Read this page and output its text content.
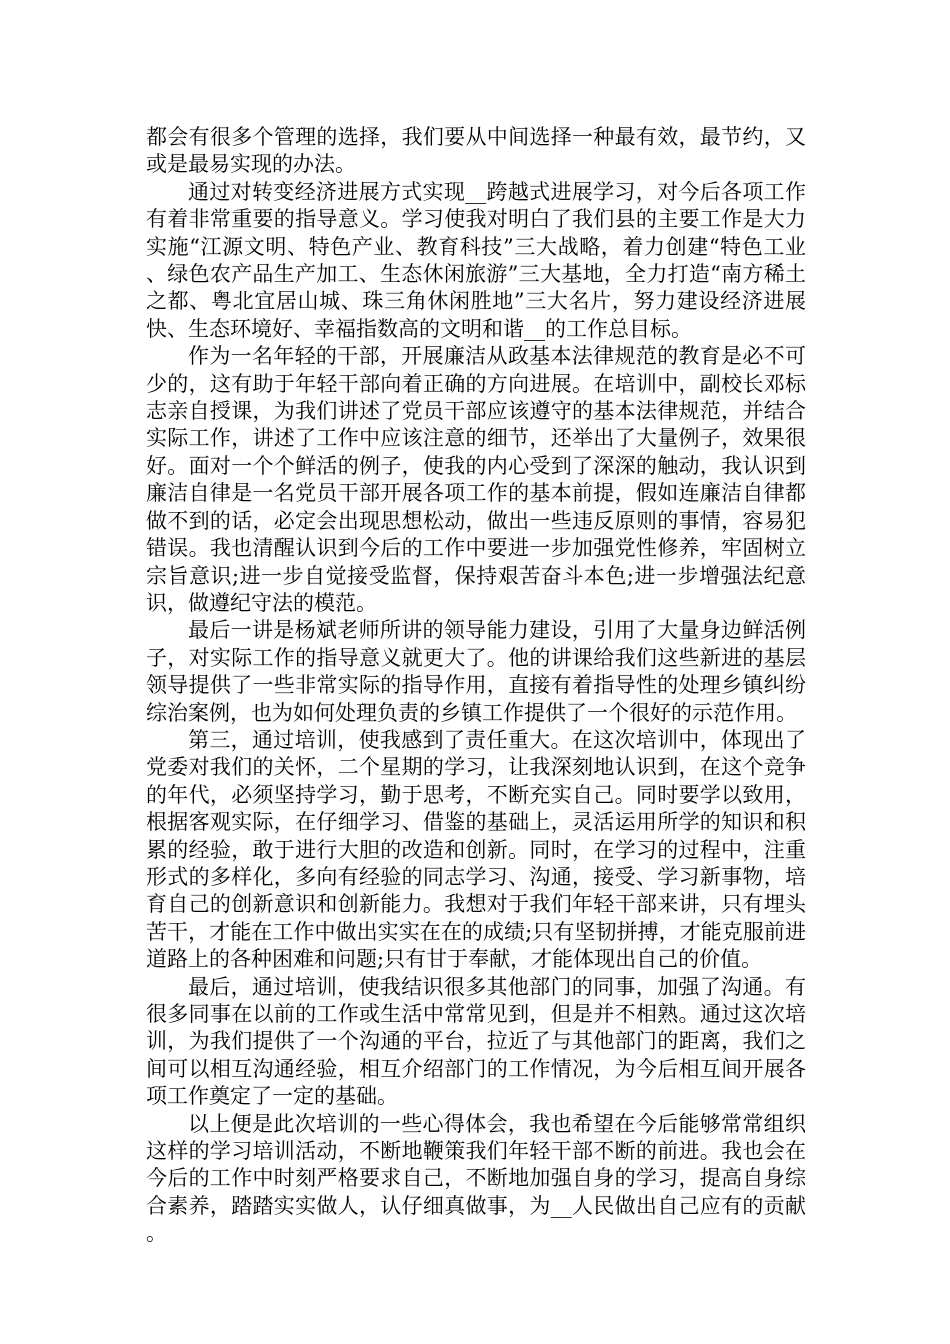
都会有很多个管理的选择，我们要从中间选择一种最有效，最节约，又或是最易实现的办法。

通过对转变经济进展方式实现__跨越式进展学习，对今后各项工作有着非常重要的指导意义。学习使我对明白了我们县的主要工作是大力实施“江源文明、特色产业、教育科技”三大战略，着力创建“特色工业、绿色农产品生产加工、生态休闲旅游”三大基地，全力打造“南方稀土之都、粤北宜居山城、珠三角休闲胜地”三大名片，努力建设经济进展快、生态环境好、幸福指数高的文明和谐__的工作总目标。

作为一名年轻的干部，开展廉洁从政基本法律规范的教育是必不可少的，这有助于年轻干部向着正确的方向进展。在培训中，副校长邓标志亲自授课，为我们讲述了党员干部应该遵守的基本法律规范，并结合实际工作，讲述了工作中应该注意的细节，还举出了大量例子，效果很好。面对一个个鲜活的例子，使我的内心受到了深深的触动，我认识到廉洁自律是一名党员干部开展各项工作的基本前提，假如连廉洁自律都做不到的话，必定会出现思想松动，做出一些违反原则的事情，容易犯错误。我也清醒认识到今后的工作中要进一步加强党性修养，牢固树立宗旨意识;进一步自觉接受监督，保持艰苦奋斗本色;进一步增强法纪意识，做遵纪守法的模范。

最后一讲是杨斌老师所讲的领导能力建设，引用了大量身边鲜活例子，对实际工作的指导意义就更大了。他的讲课给我们这些新进的基层领导提供了一些非常实际的指导作用，直接有着指导性的处理乡镇纠纷综治案例，也为如何处理负责的乡镇工作提供了一个很好的示范作用。

第三，通过培训，使我感到了责任重大。在这次培训中，体现出了党委对我们的关怀，二个星期的学习，让我深刻地认识到，在这个竞争的年代，必须坚持学习，勤于思考，不断充实自己。同时要学以致用，根据客观实际，在仔细学习、借鉴的基础上，灵活运用所学的知识和积累的经验，敢于进行大胆的改造和创新。同时，在学习的过程中，注重形式的多样化，多向有经验的同志学习、沟通，接受、学习新事物，培育自己的创新意识和创新能力。我想对于我们年轻干部来讲，只有埋头苦干，才能在工作中做出实实在在的成绩;只有坚韧拼搏，才能克服前进道路上的各种困难和问题;只有甘于奉献，才能体现出自己的价值。

最后，通过培训，使我结识很多其他部门的同事，加强了沟通。有很多同事在以前的工作或生活中常常见到，但是并不相熟。通过这次培训，为我们提供了一个沟通的平台，拉近了与其他部门的距离，我们之间可以相互沟通经验，相互介绍部门的工作情况，为今后相互间开展各项工作奠定了一定的基础。

以上便是此次培训的一些心得体会，我也希望在今后能够常常组织这样的学习培训活动，不断地鞭策我们年轻干部不断的前进。我也会在今后的工作中时刻严格要求自己，不断地加强自身的学习，提高自身综合素养，踏踏实实做人，认仔细真做事，为__人民做出自己应有的贡献。
